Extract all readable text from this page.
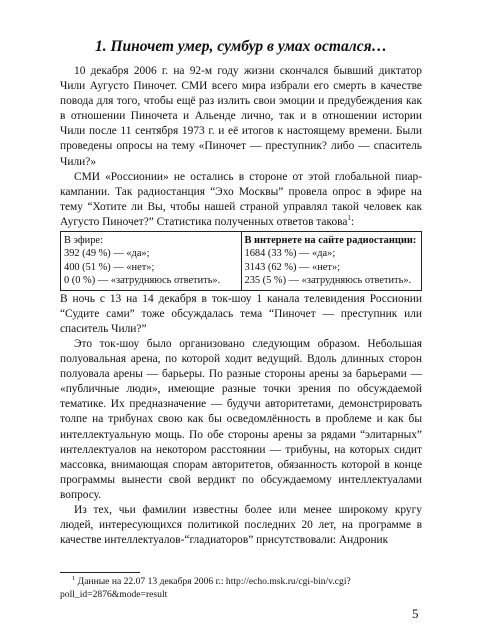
1. Пиночет умер, сумбур в умах остался…

10 декабря 2006 г. на 92-м году жизни скончался бывший диктатор Чили Аугусто Пиночет. СМИ всего мира избрали его смерть в качестве повода для того, чтобы ещё раз излить свои эмоции и предубеждения как в отношении Пиночета и Альенде лично, так и в отношении истории Чили после 11 сентября 1973 г. и её итогов к настоящему времени. Были проведены опросы на тему «Пиночет — преступник? либо — спаситель Чили?»

СМИ «Россионии» не остались в стороне от этой глобальной пиар-кампании. Так радиостанция “Эхо Москвы” провела опрос в эфире на тему “Хотите ли Вы, чтобы нашей страной управлял такой человек как Аугусто Пиночет?” Статистика полученных ответов такова$^1$:

В эфире:
392 (49 %) — «да»;
400 (51 %) — «нет»;
0 (0 %) — «затрудняюсь ответить».

В интернете на сайте радиостанции:
1684 (33 %) — «да»;
3143 (62 %) — «нет»;
235 (5 %) — «затрудняюсь ответить».

В ночь с 13 на 14 декабря в ток-шоу 1 канала телевидения Россионии “Судите сами” тоже обсуждалась тема “Пиночет — преступник или спаситель Чили?”

Это ток-шоу было организовано следующим образом. Небольшая полуовальная арена, по которой ходит ведущий. Вдоль длинных сторон полуовала арены — барьеры. По разные стороны арены за барьерами — «публичные люди», имеющие разные точки зрения по обсуждаемой тематике. Их предназначение — будучи авторитетами, демонстрировать толпе на трибунах свою как бы осведомлённость в проблеме и как бы интеллектуальную мощь. По обе стороны арены за рядами “элитарных” интеллектуалов на некотором расстоянии — трибуны, на которых сидит массовка, внимающая спорам авторитетов, обязанность которой в конце программы вынести свой вердикт по обсуждаемому интеллектуалами вопросу.

Из тех, чьи фамилии известны более или менее широкому кругу людей, интересующихся политикой последних 20 лет, на программе в качестве интеллектуалов-“гладиаторов” присутствовали: Андроник

$^1$ Данные на 22.07 13 декабря 2006 г.: http://echo.msk.ru/cgi-bin/v.cgi?poll_id=2876&mode=result
5
